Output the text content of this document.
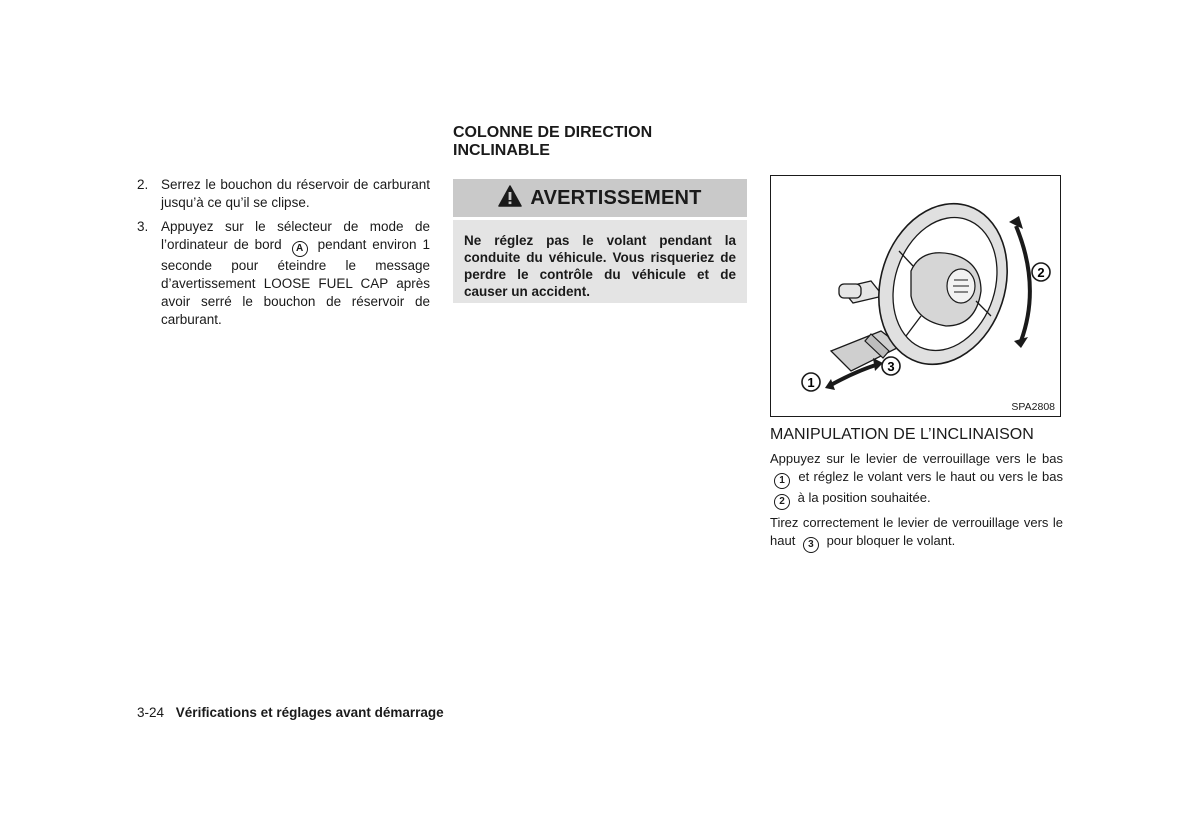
2. Serrez le bouchon du réservoir de carburant jusqu’à ce qu’il se clipse.
3. Appuyez sur le sélecteur de mode de l’ordinateur de bord A pendant environ 1 seconde pour éteindre le message d’avertissement LOOSE FUEL CAP après avoir serré le bouchon de réservoir de carburant.
COLONNE DE DIRECTION
INCLINABLE
AVERTISSEMENT

Ne réglez pas le volant pendant la conduite du véhicule. Vous risqueriez de perdre le contrôle du véhicule et de causer un accident.

1
2
3
SPA2808
MANIPULATION DE L’INCLINAISON

Appuyez sur le levier de verrouillage vers le bas 1 et réglez le volant vers le haut ou vers le bas 2 à la position souhaitée.

Tirez correctement le levier de verrouillage vers le haut 3 pour bloquer le volant.

3-24 Vérifications et réglages avant démarrage
